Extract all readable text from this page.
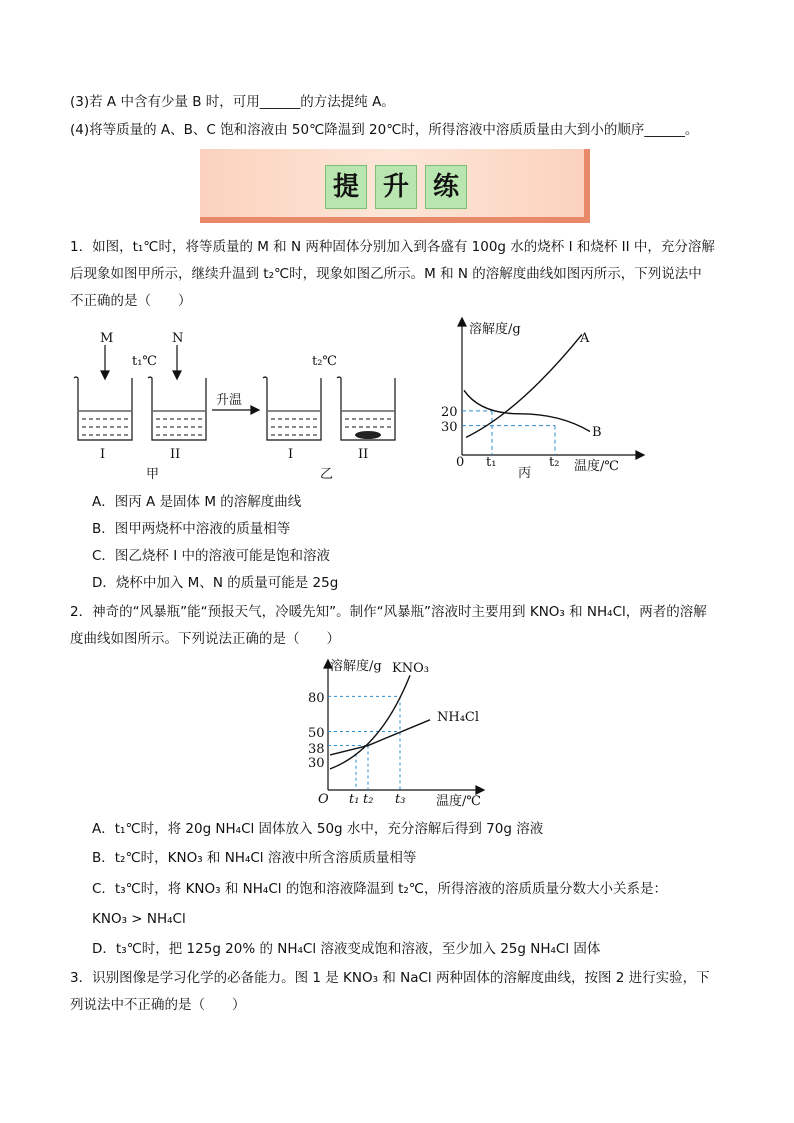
(3)若 A 中含有少量 B 时，可用______的方法提纯 A。
(4)将等质量的 A、B、C 饱和溶液由 50℃降温到 20℃时，所得溶液中溶质质量由大到小的顺序______。
提 升 练
1．如图，t₁℃时，将等质量的 M 和 N 两种固体分别加入到各盛有 100g 水的烧杯 I 和烧杯 II 中，充分溶解
后现象如图甲所示，继续升温到 t₂℃时，现象如图乙所示。M 和 N 的溶解度曲线如图丙所示，下列说法中
不正确的是（　　）
M	N
t₁℃	t₂℃
升温
I	II	I	II
甲	乙
溶解度/g
温度/℃
0
20
30
t₁	t₂
A
B
丙
A．图丙 A 是固体 M 的溶解度曲线
B．图甲两烧杯中溶液的质量相等
C．图乙烧杯 I 中的溶液可能是饱和溶液
D．烧杯中加入 M、N 的质量可能是 25g
2．神奇的“风暴瓶”能“预报天气，冷暖先知”。制作“风暴瓶”溶液时主要用到 KNO₃ 和 NH₄Cl，两者的溶解
度曲线如图所示。下列说法正确的是（　　）
溶解度/g
温度/℃
O
30
38
50
80
t₁ t₂ t₃
KNO₃
NH₄Cl
A．t₁℃时，将 20g NH₄Cl 固体放入 50g 水中，充分溶解后得到 70g 溶液
B．t₂℃时，KNO₃ 和 NH₄Cl 溶液中所含溶质质量相等
C．t₃℃时，将 KNO₃ 和 NH₄Cl 的饱和溶液降温到 t₂℃，所得溶液的溶质质量分数大小关系是：
KNO₃ > NH₄Cl
D．t₃℃时，把 125g 20% 的 NH₄Cl 溶液变成饱和溶液，至少加入 25g NH₄Cl 固体
3．识别图像是学习化学的必备能力。图 1 是 KNO₃ 和 NaCl 两种固体的溶解度曲线，按图 2 进行实验，下
列说法中不正确的是（　　）
